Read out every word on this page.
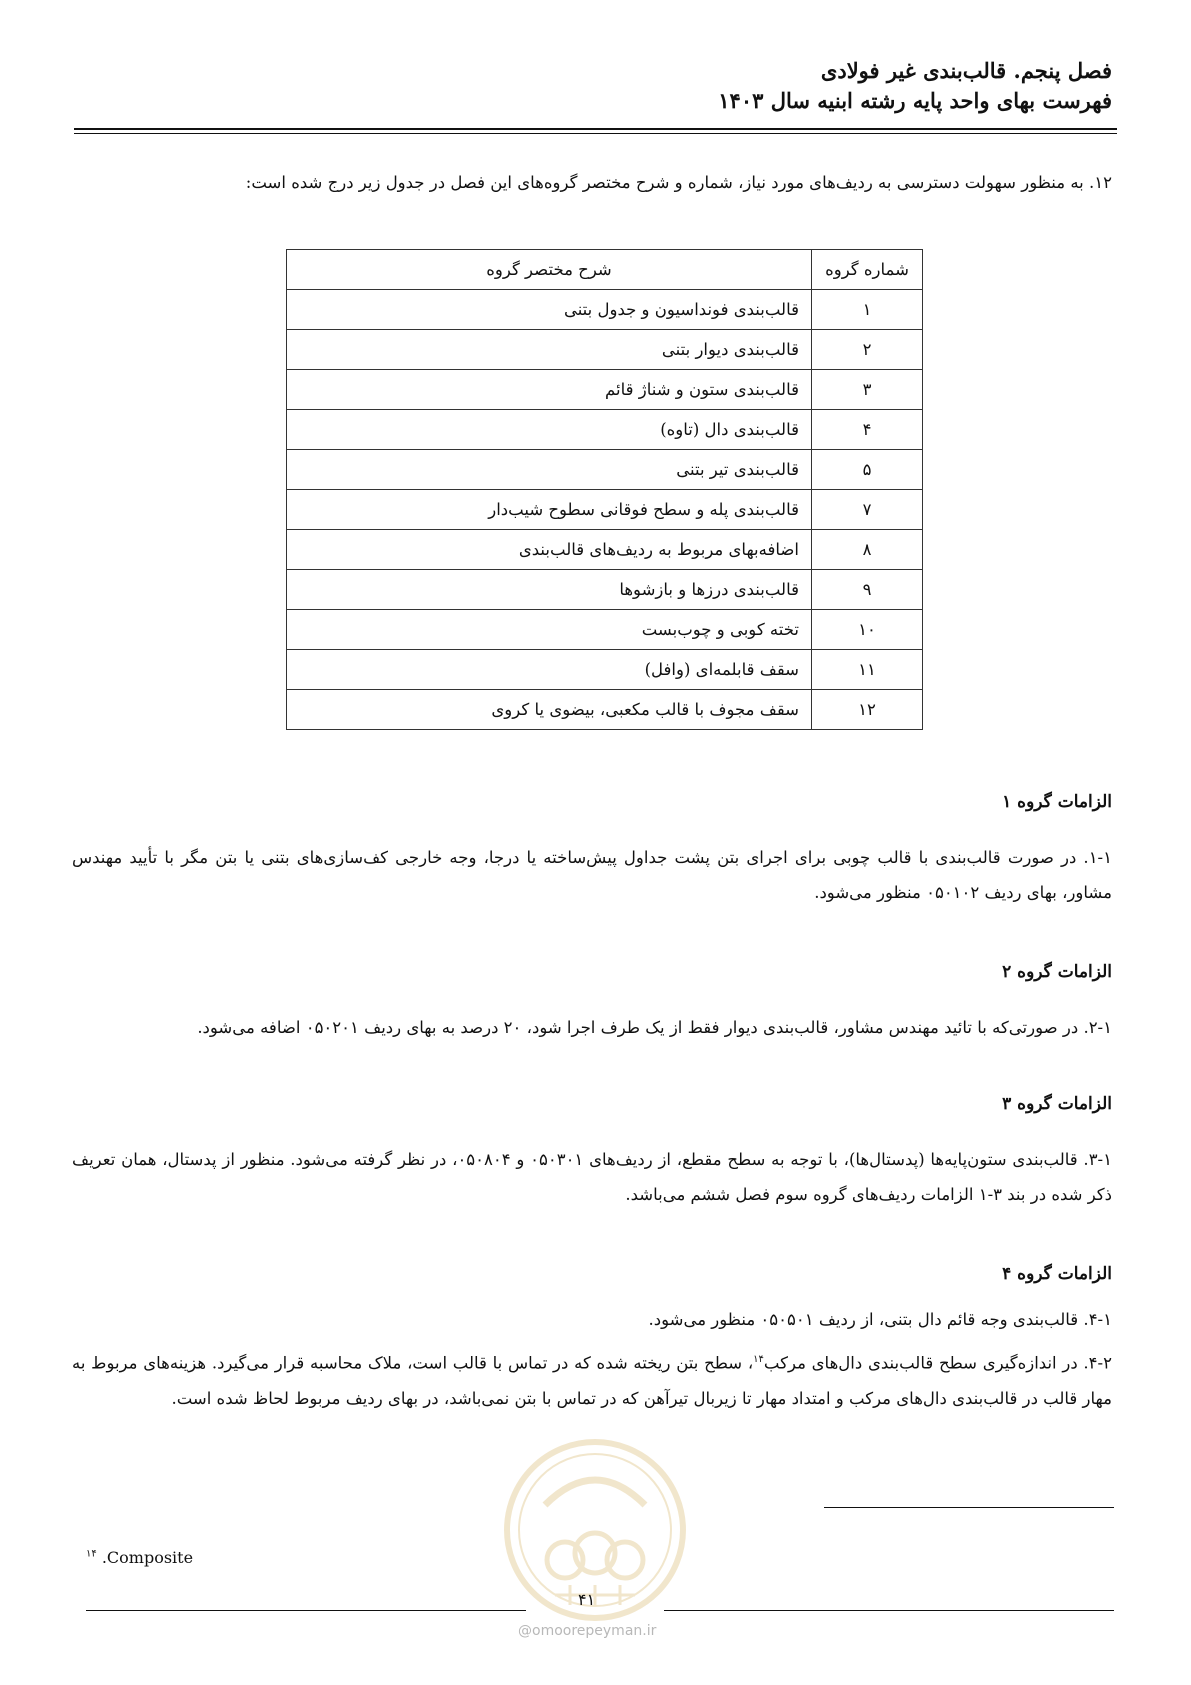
فصل پنجم. قالب‌بندی غیر فولادی
فهرست بهای واحد پایه رشته ابنیه سال ۱۴۰۳
۱۲. به منظور سهولت دسترسی به ردیف‌های مورد نیاز، شماره و شرح مختصر گروه‌های این فصل در جدول زیر درج شده است:
شماره گروه	شرح مختصر گروه
۱	قالب‌بندی فونداسیون و جدول بتنی
۲	قالب‌بندی دیوار بتنی
۳	قالب‌بندی ستون و شناژ قائم
۴	قالب‌بندی دال (تاوه)
۵	قالب‌بندی تیر بتنی
۷	قالب‌بندی پله و سطح فوقانی سطوح شیب‌دار
۸	اضافه‌بهای مربوط به ردیف‌های قالب‌بندی
۹	قالب‌بندی درزها و بازشوها
۱۰	تخته کوبی و چوب‌بست
۱۱	سقف قابلمه‌ای (وافل)
۱۲	سقف مجوف با قالب مکعبی، بیضوی یا کروی
الزامات گروه ۱
۱-۱. در صورت قالب‌بندی با قالب چوبی برای اجرای بتن پشت جداول پیش‌ساخته یا درجا، وجه خارجی کف‌سازی‌های بتنی یا بتن مگر با تأیید مهندس مشاور، بهای ردیف ۰۵۰۱۰۲ منظور می‌شود.
الزامات گروه ۲
۲-۱. در صورتی‌که با تائید مهندس مشاور، قالب‌بندی دیوار فقط از یک طرف اجرا شود، ۲۰ درصد به بهای ردیف ۰۵۰۲۰۱ اضافه می‌شود.
الزامات گروه ۳
۳-۱. قالب‌بندی ستون‌پایه‌ها (پدستال‌ها)، با توجه به سطح مقطع، از ردیف‌های ۰۵۰۳۰۱ و ۰۵۰۸۰۴، در نظر گرفته می‌شود. منظور از پدستال، همان تعریف ذکر شده در بند ۳-۱ الزامات ردیف‌های گروه سوم فصل ششم می‌باشد.
الزامات گروه ۴
۴-۱. قالب‌بندی وجه قائم دال بتنی، از ردیف ۰۵۰۵۰۱ منظور می‌شود.
۴-۲. در اندازه‌گیری سطح قالب‌بندی دال‌های مرکب$^{۱۴}$، سطح بتن ریخته شده که در تماس با قالب است، ملاک محاسبه قرار می‌گیرد. هزینه‌های مربوط به مهار قالب در قالب‌بندی دال‌های مرکب و امتداد مهار تا زیربال تیرآهن که در تماس با بتن نمی‌باشد، در بهای ردیف مربوط لحاظ شده است.
@omoorepeyman.ir
$^{۱۴}$ .Composite
۴۱
